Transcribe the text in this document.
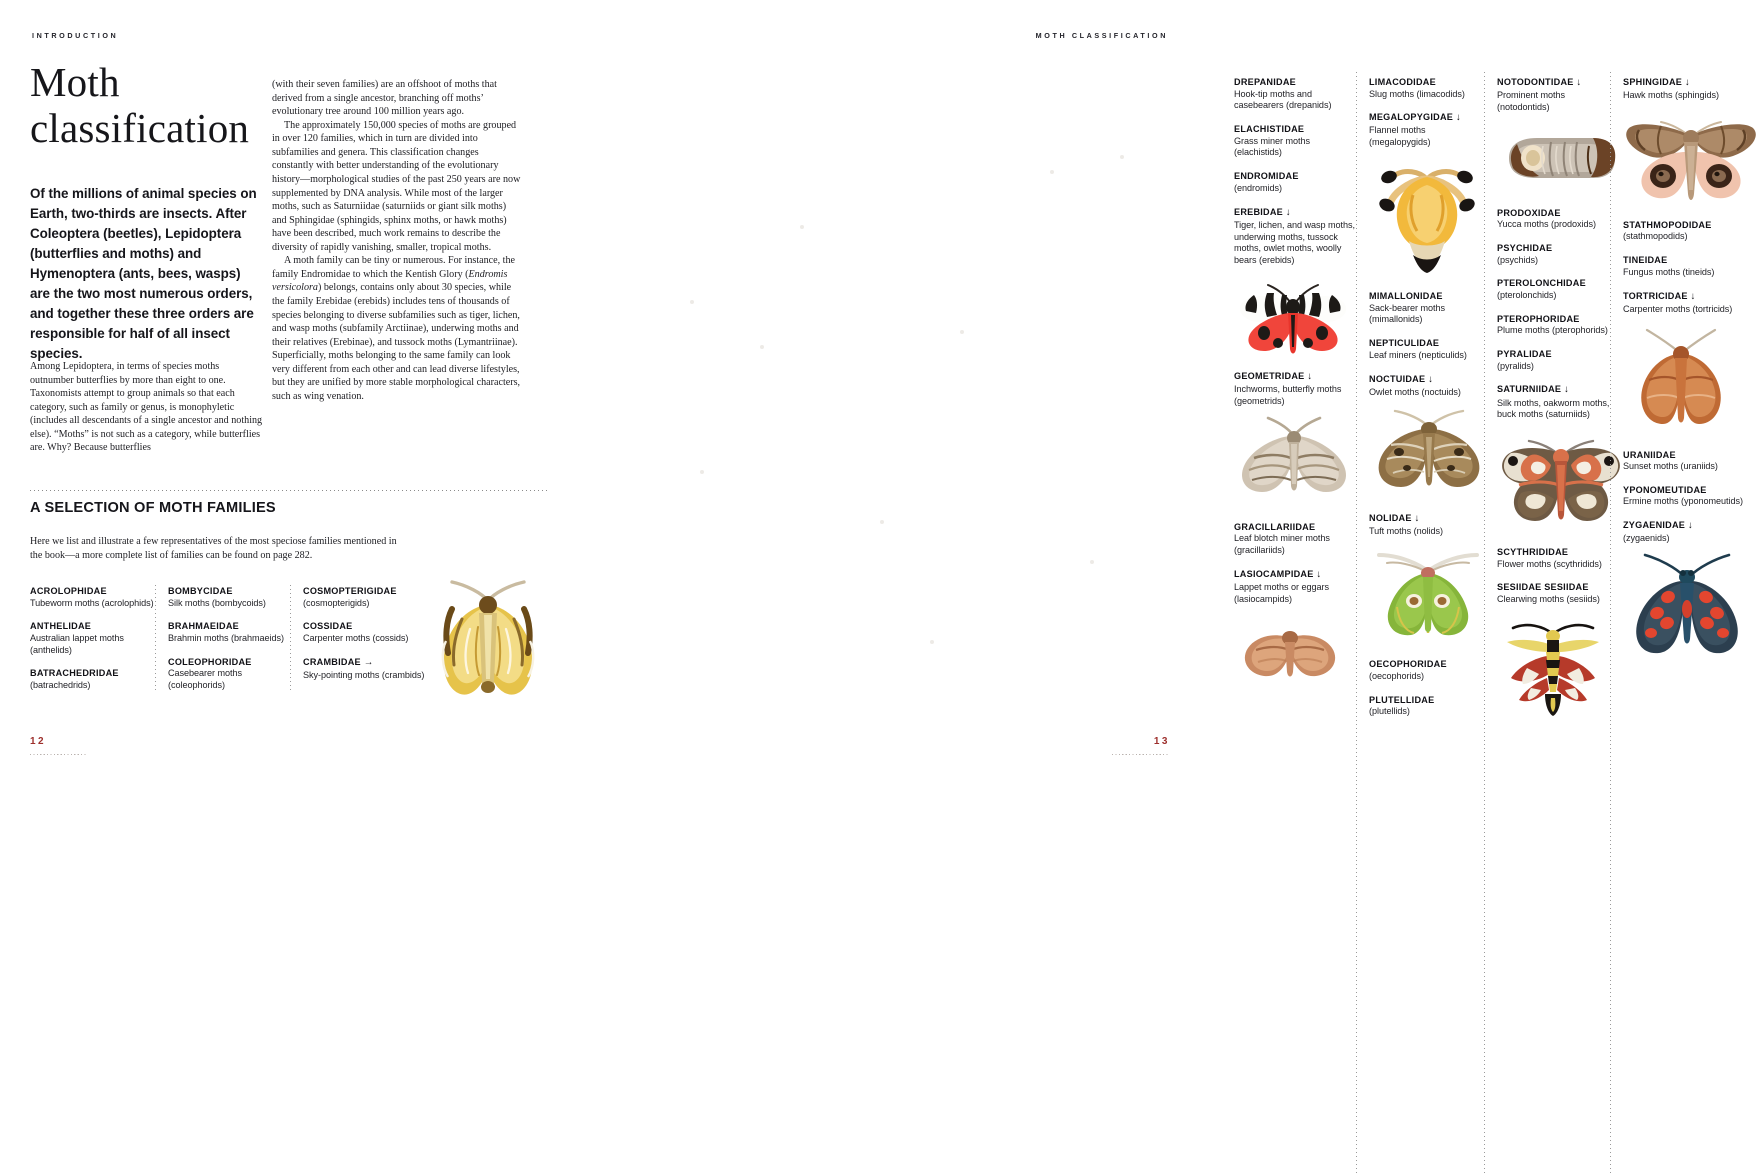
INTRODUCTION
Moth
classification
Of the millions of animal species on Earth, two-thirds are insects. After Coleoptera (beetles), Lepidoptera (butterflies and moths) and Hymenoptera (ants, bees, wasps) are the two most numerous orders, and together these three orders are responsible for half of all insect species.

Among Lepidoptera, in terms of species moths outnumber butterflies by more than eight to one. Taxonomists attempt to group animals so that each category, such as family or genus, is monophyletic (includes all descendants of a single ancestor and nothing else). “Moths” is not such as a category, while butterflies are. Why? Because butterflies

(with their seven families) are an offshoot of moths that derived from a single ancestor, branching off moths’ evolutionary tree around 100 million years ago.

The approximately 150,000 species of moths are grouped in over 120 families, which in turn are divided into subfamilies and genera. This classification changes constantly with better understanding of the evolutionary history—morphological studies of the past 250 years are now supplemented by DNA analysis. While most of the larger moths, such as Saturniidae (saturniids or giant silk moths) and Sphingidae (sphingids, sphinx moths, or hawk moths) have been described, much work remains to describe the diversity of rapidly vanishing, smaller, tropical moths.

A moth family can be tiny or numerous. For instance, the family Endromidae to which the Kentish Glory (Endromis versicolora) belongs, contains only about 30 species, while the family Erebidae (erebids) includes tens of thousands of species belonging to diverse subfamilies such as tiger, lichen, and wasp moths (subfamily Arctiinae), underwing moths and their relatives (Erebinae), and tussock moths (Lymantriinae). Superficially, moths belonging to the same family can look very different from each other and can lead diverse lifestyles, but they are unified by more stable morphological characters, such as wing venation.

A SELECTION OF MOTH FAMILIES
Here we list and illustrate a few representatives of the most speciose families mentioned in the book—a more complete list of families can be found on page 282.
ACROLOPHIDAE
Tubeworm moths (acrolophids)
ANTHELIDAE
Australian lappet moths (anthelids)
BATRACHEDRIDAE
(batrachedrids)
BOMBYCIDAE
Silk moths (bombycoids)
BRAHMAEIDAE
Brahmin moths (brahmaeids)
COLEOPHORIDAE
Casebearer moths (coleophorids)
COSMOPTERIGIDAE
(cosmopterigids)
COSSIDAE
Carpenter moths (cossids)
CRAMBIDAE →
Sky-pointing moths (crambids)
12
MOTH CLASSIFICATION
DREPANIDAE
Hook-tip moths and casebearers (drepanids)
ELACHISTIDAE
Grass miner moths (elachistids)
ENDROMIDAE
(endromids)
EREBIDAE ↓
Tiger, lichen, and wasp moths, underwing moths, tussock moths, owlet moths, woolly bears (erebids)
GEOMETRIDAE ↓
Inchworms, butterfly moths (geometrids)
GRACILLARIIDAE
Leaf blotch miner moths (gracillariids)
LASIOCAMPIDAE ↓
Lappet moths or eggars (lasiocampids)
LIMACODIDAE
Slug moths (limacodids)
MEGALOPYGIDAE ↓
Flannel moths (megalopygids)
MIMALLONIDAE
Sack-bearer moths (mimallonids)
NEPTICULIDAE
Leaf miners (nepticulids)
NOCTUIDAE ↓
Owlet moths (noctuids)
NOLIDAE ↓
Tuft moths (nolids)
OECOPHORIDAE
(oecophorids)
PLUTELLIDAE
(plutellids)
NOTODONTIDAE ↓
Prominent moths (notodontids)
PRODOXIDAE
Yucca moths (prodoxids)
PSYCHIDAE
(psychids)
PTEROLONCHIDAE
(pterolonchids)
PTEROPHORIDAE
Plume moths (pterophorids)
PYRALIDAE
(pyralids)
SATURNIIDAE ↓
Silk moths, oakworm moths, buck moths (saturniids)
SCYTHRIDIDAE
Flower moths (scythridids)
SESIIDAE SESIIDAE
Clearwing moths (sesiids)
SPHINGIDAE ↓
Hawk moths (sphingids)
STATHMOPODIDAE
(stathmopodids)
TINEIDAE
Fungus moths (tineids)
TORTRICIDAE ↓
Carpenter moths (tortricids)
URANIIDAE
Sunset moths (uraniids)
YPONOMEUTIDAE
Ermine moths (yponomeutids)
ZYGAENIDAE ↓
(zygaenids)
13
